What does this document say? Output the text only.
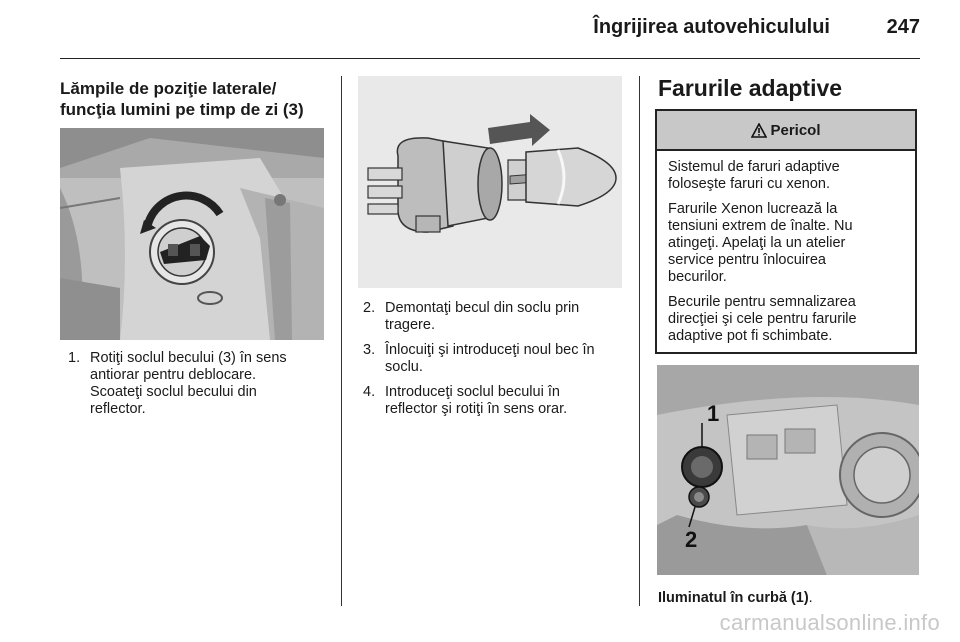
Îngrijirea autovehiculului	247
Lămpile de poziţie laterale/
funcţia lumini pe timp de zi (3)
1. Rotiţi soclul becului (3) în sens
antiorar pentru deblocare.
Scoateţi soclul becului din
reflector.
2. Demontaţi becul din soclu prin
tragere.
3. Înlocuiţi şi introduceţi noul bec în
soclu.
4. Introduceţi soclul becului în
reflector şi rotiţi în sens orar.
Farurile adaptive
Pericol

Sistemul de faruri adaptive
foloseşte faruri cu xenon.

Farurile Xenon lucrează la
tensiuni extrem de înalte. Nu
atingeţi. Apelaţi la un atelier
service pentru înlocuirea
becurilor.

Becurile pentru semnalizarea
direcţiei şi cele pentru farurile
adaptive pot fi schimbate.

1
2
Iluminatul în curbă (1).
carmanualsonline.info
